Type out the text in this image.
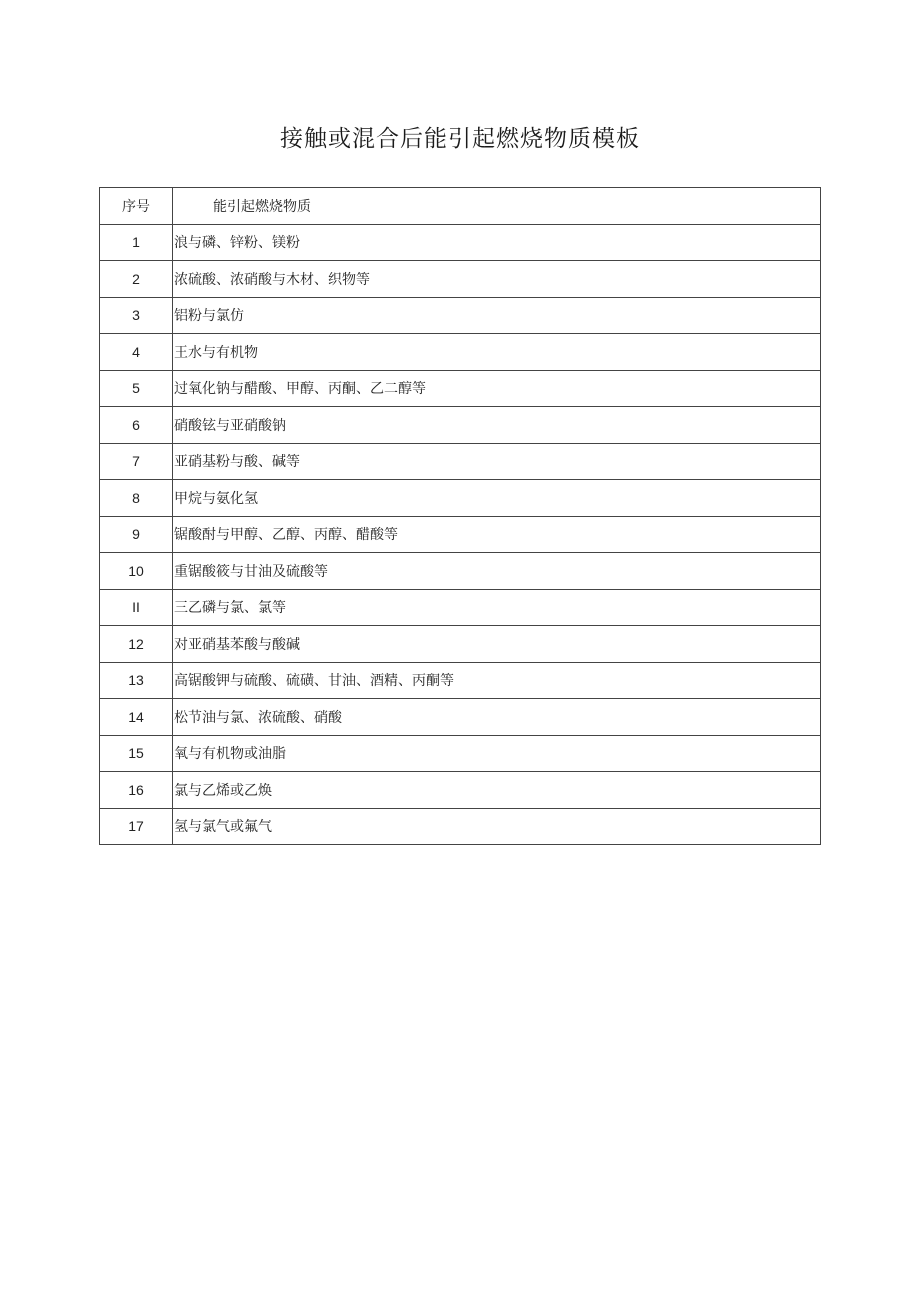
接触或混合后能引起燃烧物质模板
序号	能引起燃烧物质
1	浪与磷、锌粉、镁粉
2	浓硫酸、浓硝酸与木材、织物等
3	铝粉与氯仿
4	王水与有机物
5	过氧化钠与醋酸、甲醇、丙酮、乙二醇等
6	硝酸铉与亚硝酸钠
7	亚硝基粉与酸、碱等
8	甲烷与氨化氢
9	锯酸酎与甲醇、乙醇、丙醇、醋酸等
10	重锯酸筱与甘油及硫酸等
II	三乙磷与氯、氯等
12	对亚硝基苯酸与酸碱
13	高锯酸钾与硫酸、硫磺、甘油、酒精、丙酮等
14	松节油与氯、浓硫酸、硝酸
15	氧与有机物或油脂
16	氯与乙烯或乙焕
17	氢与氯气或氟气
